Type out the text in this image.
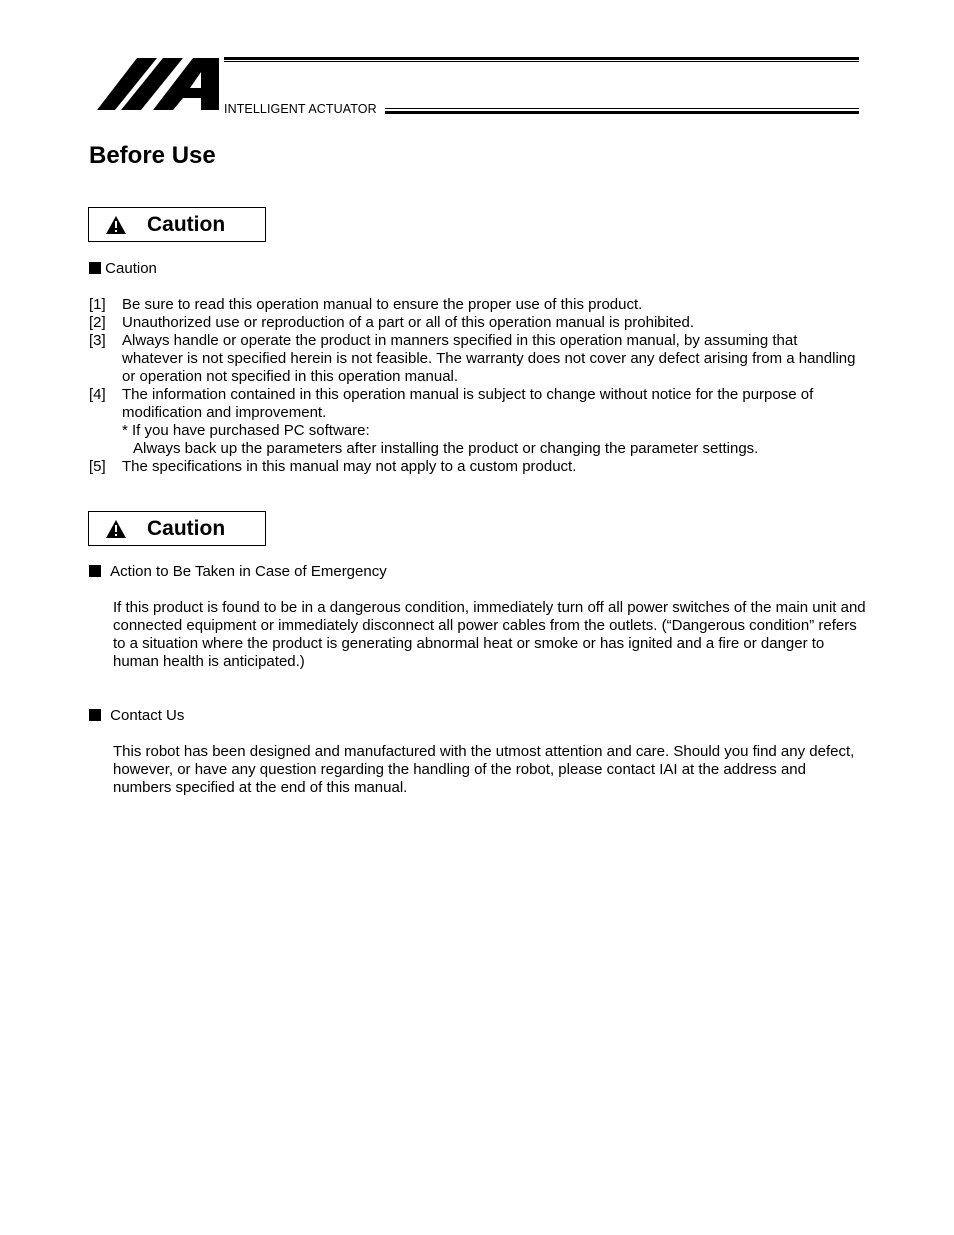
INTELLIGENT ACTUATOR
Before Use
Caution
Caution
[1] Be sure to read this operation manual to ensure the proper use of this product.
[2] Unauthorized use or reproduction of a part or all of this operation manual is prohibited.
[3] Always handle or operate the product in manners specified in this operation manual, by assuming that whatever is not specified herein is not feasible. The warranty does not cover any defect arising from a handling or operation not specified in this operation manual.
[4] The information contained in this operation manual is subject to change without notice for the purpose of modification and improvement.
* If you have purchased PC software:
Always back up the parameters after installing the product or changing the parameter settings.
[5] The specifications in this manual may not apply to a custom product.
Caution
Action to Be Taken in Case of Emergency
If this product is found to be in a dangerous condition, immediately turn off all power switches of the main unit and connected equipment or immediately disconnect all power cables from the outlets. (“Dangerous condition” refers to a situation where the product is generating abnormal heat or smoke or has ignited and a fire or danger to human health is anticipated.)
Contact Us
This robot has been designed and manufactured with the utmost attention and care. Should you find any defect, however, or have any question regarding the handling of the robot, please contact IAI at the address and numbers specified at the end of this manual.
